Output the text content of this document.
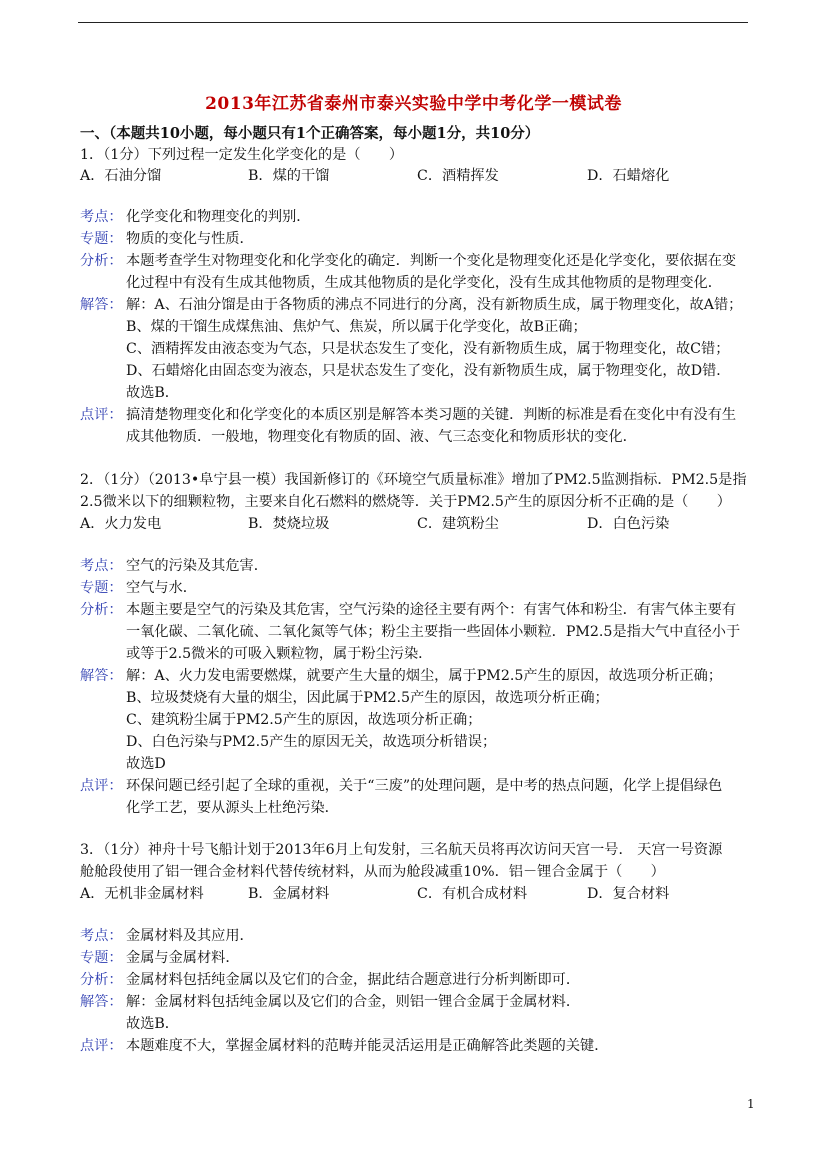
2013年江苏省泰州市泰兴实验中学中考化学一模试卷
一、（本题共10小题，每小题只有1个正确答案，每小题1分，共10分）
1．（1分）下列过程一定发生化学变化的是（　　）
A．石油分馏	B．煤的干馏	C．酒精挥发	D．石蜡熔化
考点： 化学变化和物理变化的判别．
专题： 物质的变化与性质．
分析： 本题考查学生对物理变化和化学变化的确定．判断一个变化是物理变化还是化学变化，要依据在变
化过程中有没有生成其他物质，生成其他物质的是化学变化，没有生成其他物质的是物理变化．
解答： 解：A、石油分馏是由于各物质的沸点不同进行的分离，没有新物质生成，属于物理变化，故A错；
B、煤的干馏生成煤焦油、焦炉气、焦炭，所以属于化学变化，故B正确；
C、酒精挥发由液态变为气态，只是状态发生了变化，没有新物质生成，属于物理变化，故C错；
D、石蜡熔化由固态变为液态，只是状态发生了变化，没有新物质生成，属于物理变化，故D错．
故选B．
点评： 搞清楚物理变化和化学变化的本质区别是解答本类习题的关键．判断的标准是看在变化中有没有生
成其他物质．一般地，物理变化有物质的固、液、气三态变化和物质形状的变化．
2．（1分）（2013•阜宁县一模）我国新修订的《环境空气质量标准》增加了PM2.5监测指标．PM2.5是指
2.5微米以下的细颗粒物，主要来自化石燃料的燃烧等．关于PM2.5产生的原因分析不正确的是（　　）
A．火力发电	B．焚烧垃圾	C．建筑粉尘	D．白色污染
考点： 空气的污染及其危害．
专题： 空气与水．
分析： 本题主要是空气的污染及其危害，空气污染的途径主要有两个：有害气体和粉尘．有害气体主要有
一氧化碳、二氧化硫、二氧化氮等气体；粉尘主要指一些固体小颗粒．PM2.5是指大气中直径小于
或等于2.5微米的可吸入颗粒物，属于粉尘污染．
解答： 解：A、火力发电需要燃煤，就要产生大量的烟尘，属于PM2.5产生的原因，故选项分析正确；
B、垃圾焚烧有大量的烟尘，因此属于PM2.5产生的原因，故选项分析正确；
C、建筑粉尘属于PM2.5产生的原因，故选项分析正确；
D、白色污染与PM2.5产生的原因无关，故选项分析错误；
故选D
点评： 环保问题已经引起了全球的重视，关于“三废”的处理问题，是中考的热点问题，化学上提倡绿色
化学工艺，要从源头上杜绝污染．
3．（1分）神舟十号飞船计划于2013年6月上旬发射，三名航天员将再次访问天宫一号． 天宫一号资源
舱舱段使用了铝一锂合金材料代替传统材料，从而为舱段减重10%．铝－锂合金属于（　　）
A．无机非金属材料	B．金属材料	C．有机合成材料	D．复合材料
考点： 金属材料及其应用．
专题： 金属与金属材料．
分析： 金属材料包括纯金属以及它们的合金，据此结合题意进行分析判断即可．
解答： 解：金属材料包括纯金属以及它们的合金，则铝一锂合金属于金属材料．
故选B．
点评： 本题难度不大，掌握金属材料的范畴并能灵活运用是正确解答此类题的关键．
1
